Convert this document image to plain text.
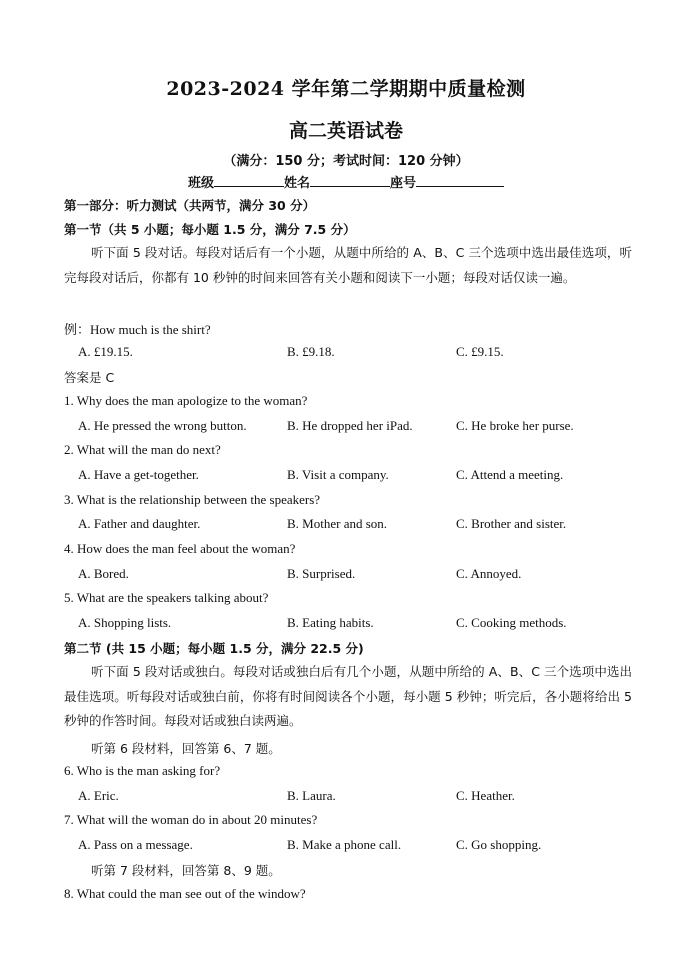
2023-2024 学年第二学期期中质量检测
高二英语试卷
（满分：150 分；考试时间：120 分钟）
班级	姓名	座号
第一部分：听力测试（共两节，满分 30 分）
第一节（共 5 小题；每小题 1.5 分，满分 7.5 分）
听下面 5 段对话。每段对话后有一个小题，从题中所给的 A、B、C 三个选项中选出最佳选项，听完每段对话后，你都有 10 秒钟的时间来回答有关小题和阅读下一小题；每段对话仅读一遍。
例：How much is the shirt?
A. £19.15.	B. £9.18.	C. £9.15.
答案是 C
1. Why does the man apologize to the woman?
A. He pressed the wrong button.	B. He dropped her iPad.	C. He broke her purse.
2. What will the man do next?
A. Have a get-together.	B. Visit a company.	C. Attend a meeting.
3. What is the relationship between the speakers?
A. Father and daughter.	B. Mother and son.	C. Brother and sister.
4. How does the man feel about the woman?
A. Bored.	B. Surprised.	C. Annoyed.
5. What are the speakers talking about?
A. Shopping lists.	B. Eating habits.	C. Cooking methods.
第二节 (共 15 小题；每小题 1.5 分，满分 22.5 分)
听下面 5 段对话或独白。每段对话或独白后有几个小题，从题中所给的 A、B、C 三个选项中选出最佳选项。听每段对话或独白前，你将有时间阅读各个小题，每小题 5 秒钟；听完后，各小题将给出 5 秒钟的作答时间。每段对话或独白读两遍。
听第 6 段材料，回答第 6、7 题。
6. Who is the man asking for?
A. Eric.	B. Laura.	C. Heather.
7. What will the woman do in about 20 minutes?
A. Pass on a message.	B. Make a phone call.	C. Go shopping.
听第 7 段材料，回答第 8、9 题。
8. What could the man see out of the window?
